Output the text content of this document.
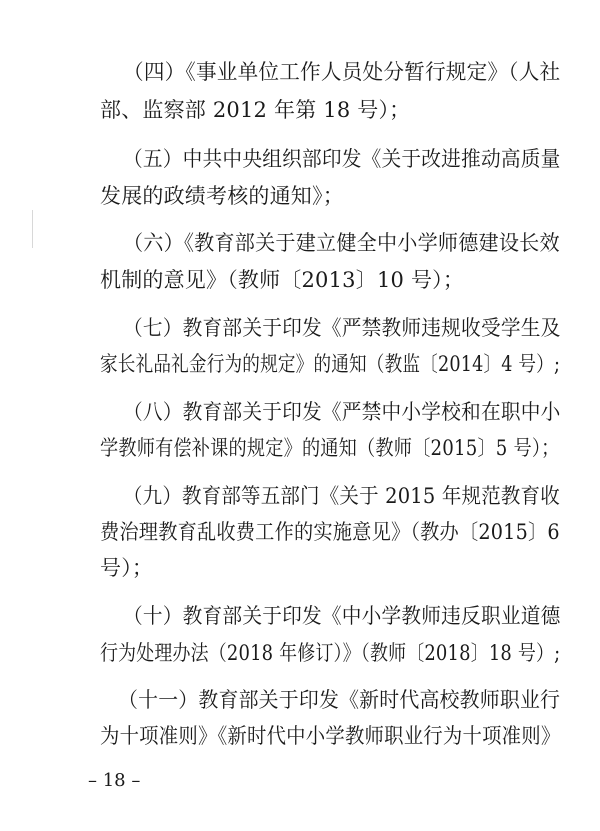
（四）《事业单位工作人员处分暂行规定》（人社
部、监察部 2012 年第 18 号）；
（五）中共中央组织部印发《关于改进推动高质量
发展的政绩考核的通知》；
（六）《教育部关于建立健全中小学师德建设长效
机制的意见》（教师〔2013〕10 号）；
（七）教育部关于印发《严禁教师违规收受学生及
家长礼品礼金行为的规定》的通知（教监〔2014〕4 号）;
（八）教育部关于印发《严禁中小学校和在职中小
学教师有偿补课的规定》的通知（教师〔2015〕5 号）；
（九）教育部等五部门《关于 2015 年规范教育收
费治理教育乱收费工作的实施意见》（教办〔2015〕6
号）；
（十）教育部关于印发《中小学教师违反职业道德
行为处理办法（2018 年修订）》（教师〔2018〕18 号）;
（十一）教育部关于印发《新时代高校教师职业行
为十项准则》《新时代中小学教师职业行为十项准则》
– 18 –
